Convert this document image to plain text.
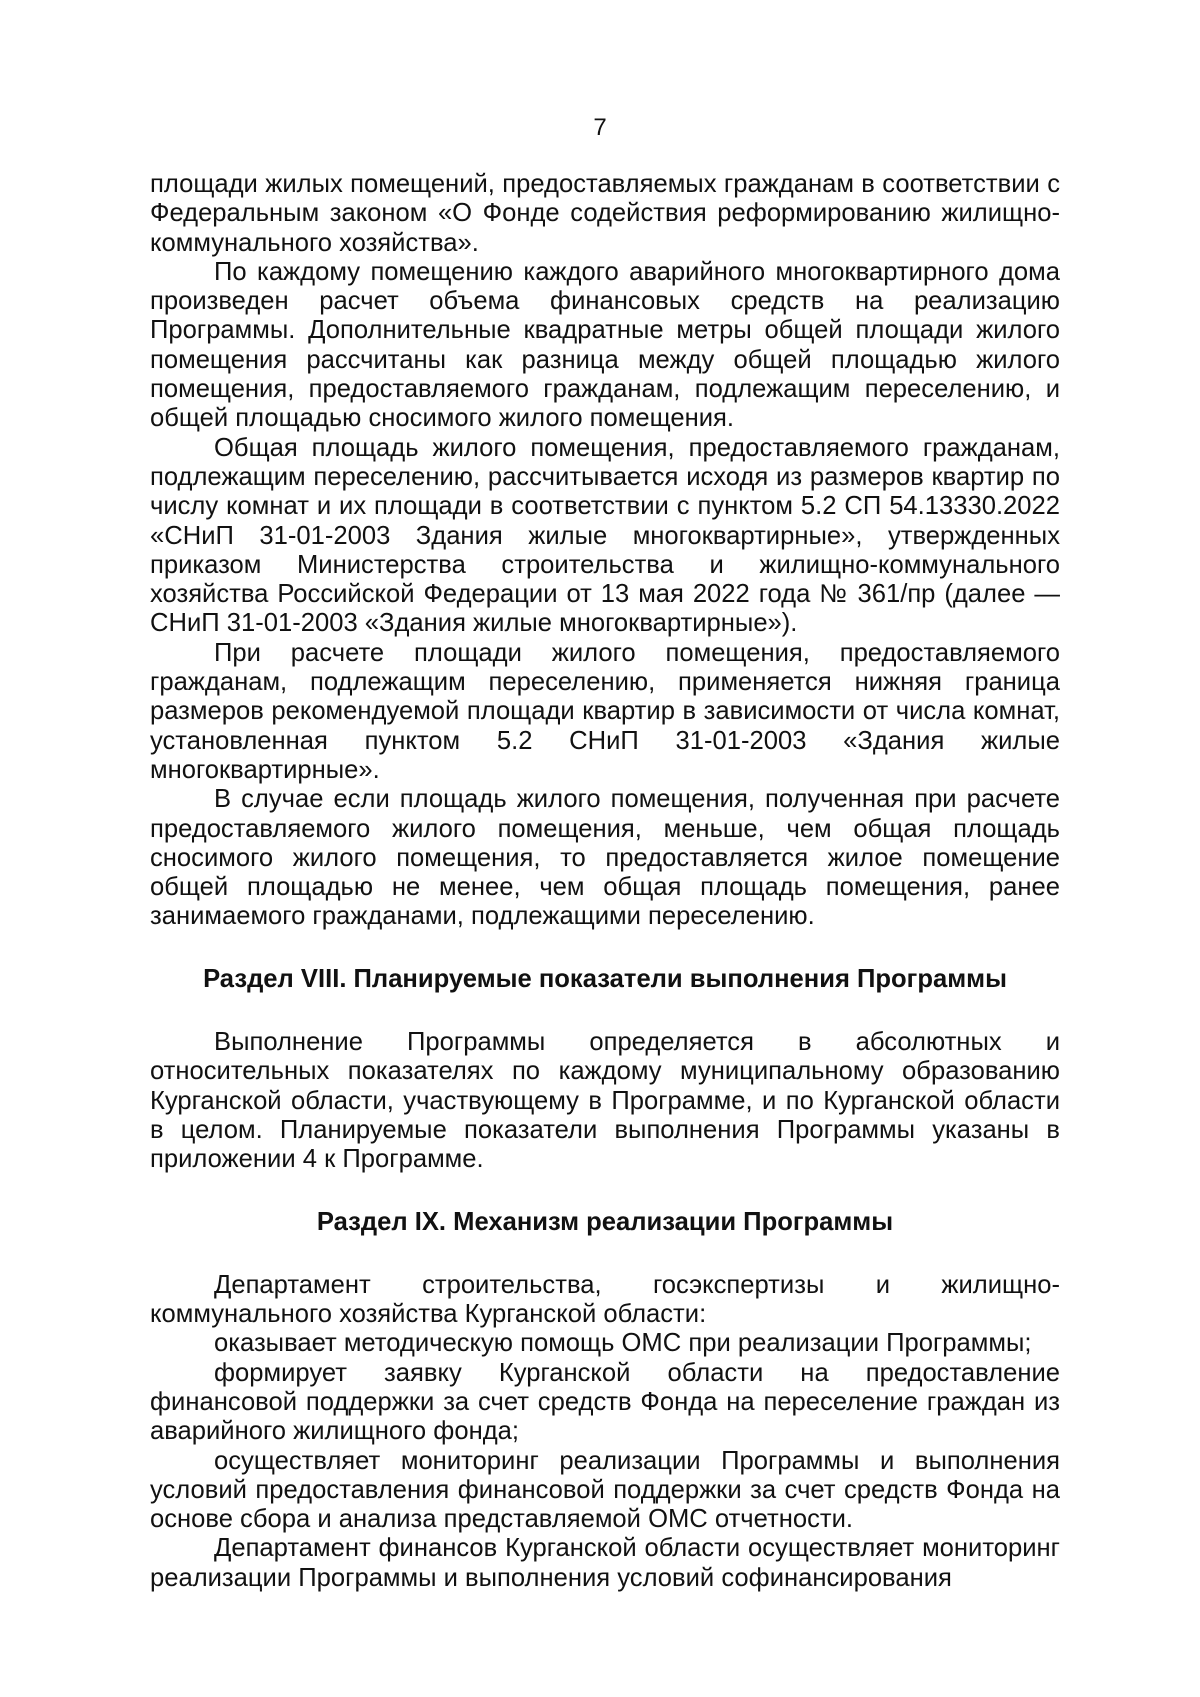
7

площади жилых помещений, предоставляемых гражданам в соответствии с Федеральным законом «О Фонде содействия реформированию жилищно-коммунального хозяйства».

По каждому помещению каждого аварийного многоквартирного дома произведен расчет объема финансовых средств на реализацию Программы. Дополнительные квадратные метры общей площади жилого помещения рассчитаны как разница между общей площадью жилого помещения, предоставляемого гражданам, подлежащим переселению, и общей площадью сносимого жилого помещения.

Общая площадь жилого помещения, предоставляемого гражданам, подлежащим переселению, рассчитывается исходя из размеров квартир по числу комнат и их площади в соответствии с пунктом 5.2 СП 54.13330.2022 «СНиП 31-01-2003 Здания жилые многоквартирные», утвержденных приказом Министерства строительства и жилищно-коммунального хозяйства Российской Федерации от 13 мая 2022 года № 361/пр (далее — СНиП 31-01-2003 «Здания жилые многоквартирные»).

При расчете площади жилого помещения, предоставляемого гражданам, подлежащим переселению, применяется нижняя граница размеров рекомендуемой площади квартир в зависимости от числа комнат, установленная пунктом 5.2 СНиП 31-01-2003 «Здания жилые многоквартирные».

В случае если площадь жилого помещения, полученная при расчете предоставляемого жилого помещения, меньше, чем общая площадь сносимого жилого помещения, то предоставляется жилое помещение общей площадью не менее, чем общая площадь помещения, ранее занимаемого гражданами, подлежащими переселению.

Раздел VIII. Планируемые показатели выполнения Программы

Выполнение Программы определяется в абсолютных и относительных показателях по каждому муниципальному образованию Курганской области, участвующему в Программе, и по Курганской области в целом. Планируемые показатели выполнения Программы указаны в приложении 4 к Программе.

Раздел IX. Механизм реализации Программы

Департамент строительства, госэкспертизы и жилищно-коммунального хозяйства Курганской области:

оказывает методическую помощь ОМС при реализации Программы;

формирует заявку Курганской области на предоставление финансовой поддержки за счет средств Фонда на переселение граждан из аварийного жилищного фонда;

осуществляет мониторинг реализации Программы и выполнения условий предоставления финансовой поддержки за счет средств Фонда на основе сбора и анализа представляемой ОМС отчетности.

Департамент финансов Курганской области осуществляет мониторинг реализации Программы и выполнения условий софинансирования
